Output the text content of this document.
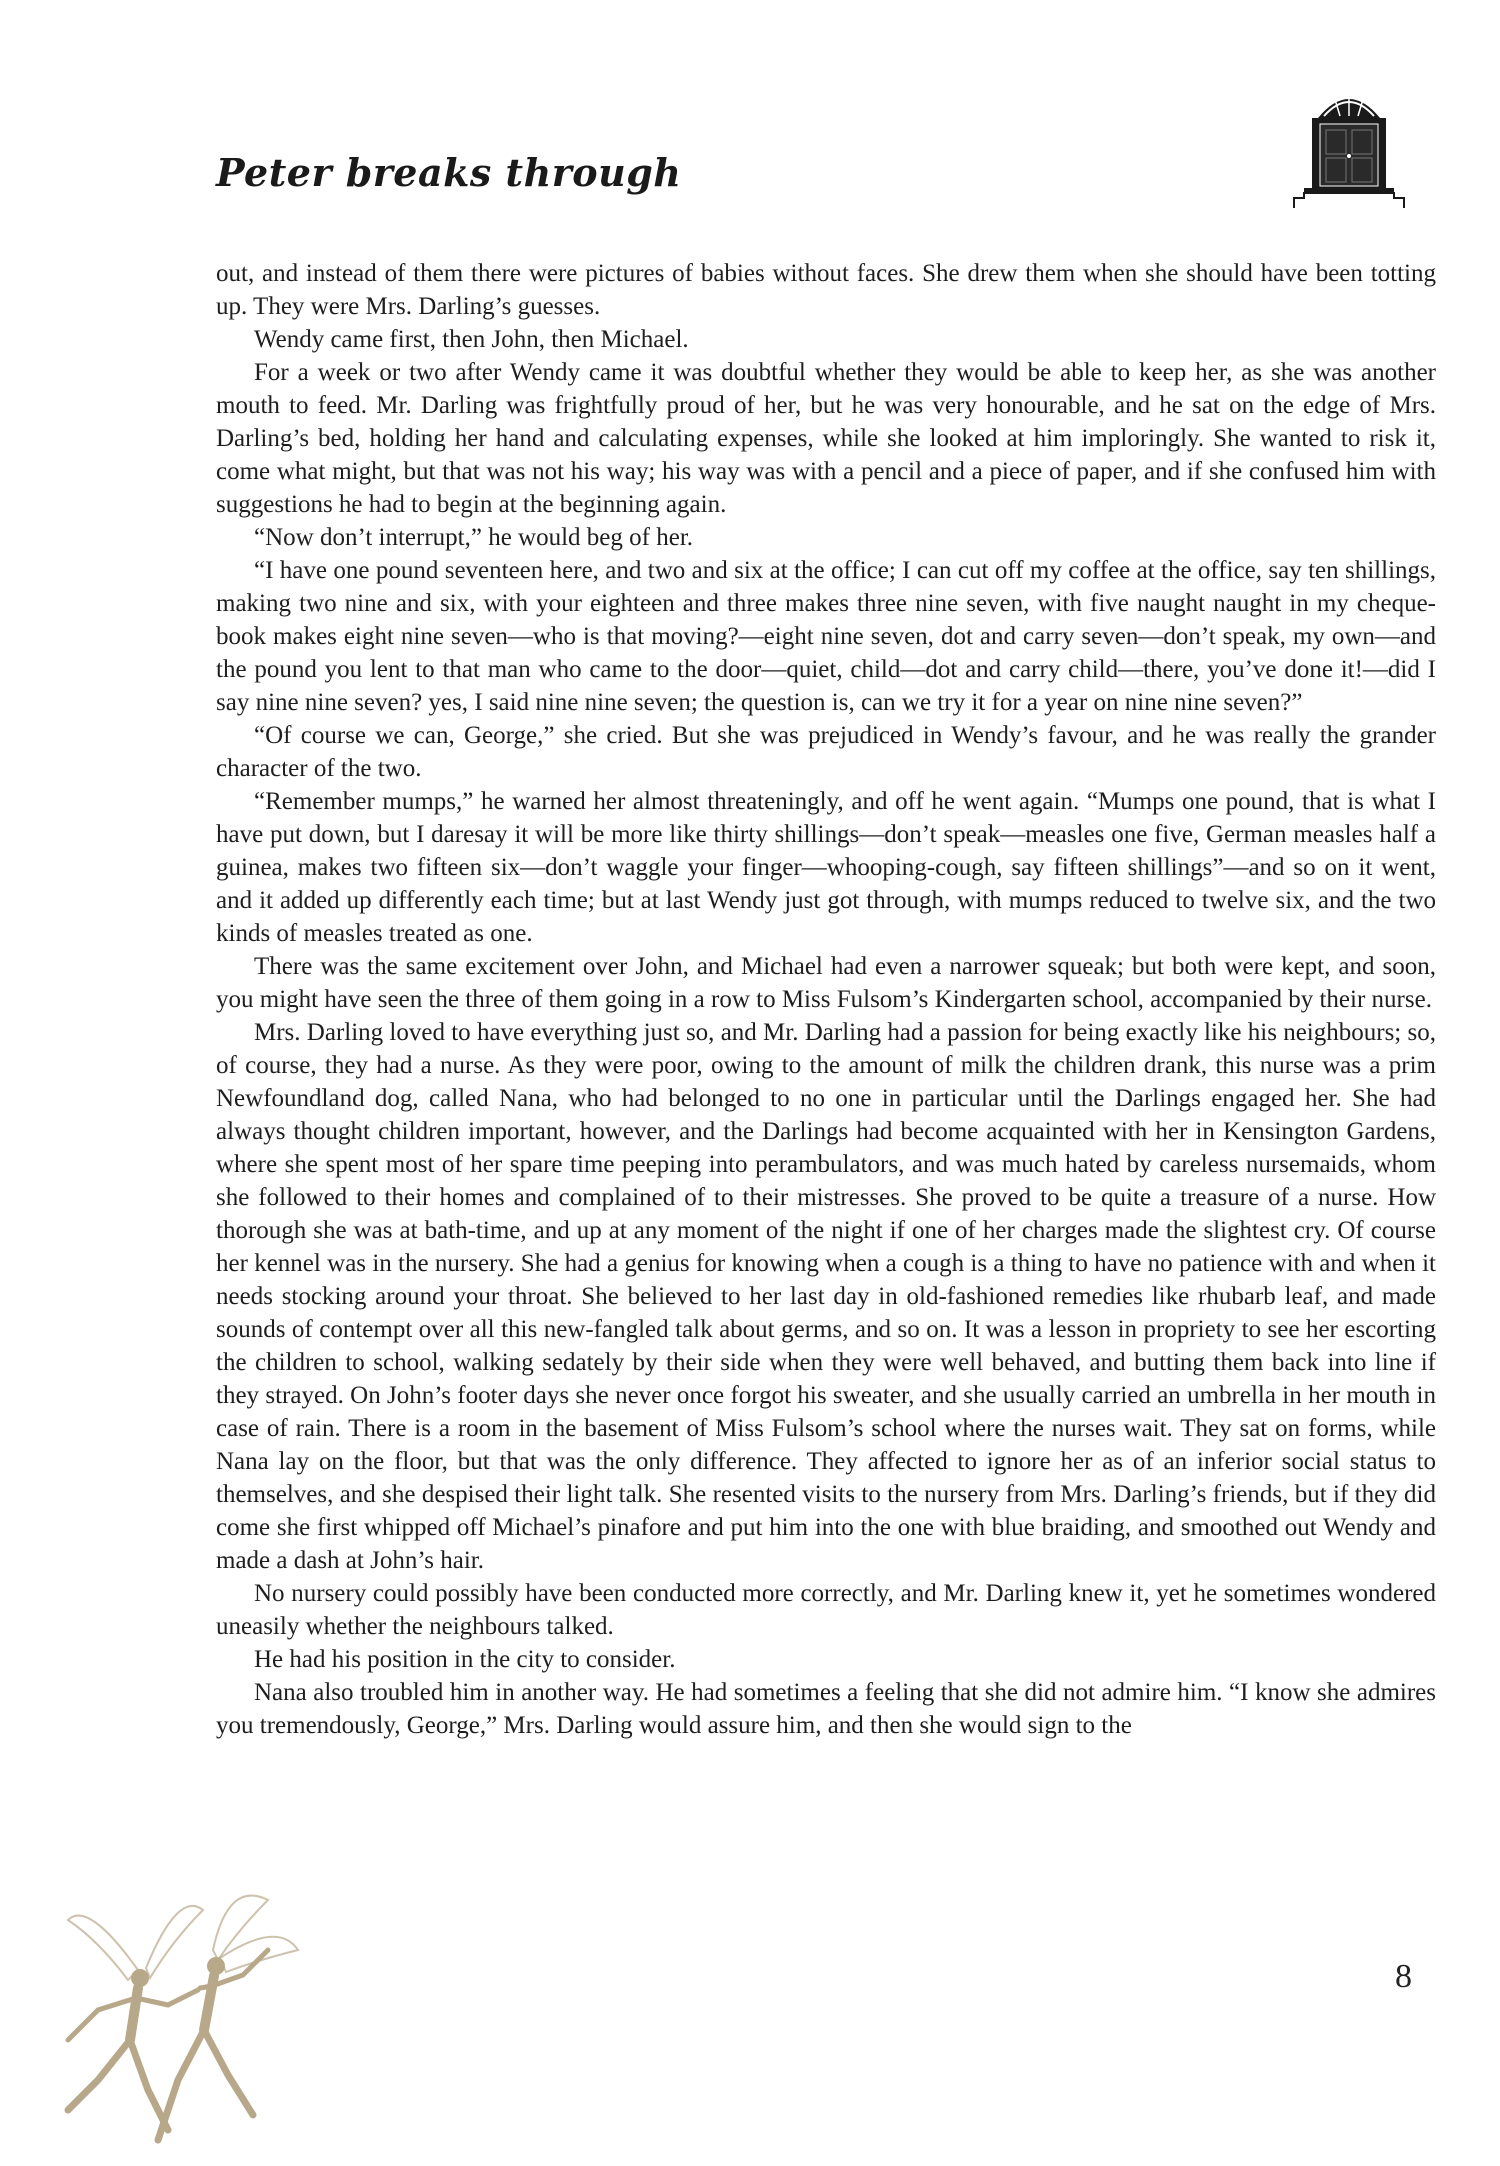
Peter breaks through

out, and instead of them there were pictures of babies without faces. She drew them when she should have been totting up. They were Mrs. Darling’s guesses.

Wendy came first, then John, then Michael.

For a week or two after Wendy came it was doubtful whether they would be able to keep her, as she was another mouth to feed. Mr. Darling was frightfully proud of her, but he was very honourable, and he sat on the edge of Mrs. Darling’s bed, holding her hand and calculating expenses, while she looked at him imploringly. She wanted to risk it, come what might, but that was not his way; his way was with a pencil and a piece of paper, and if she confused him with suggestions he had to begin at the beginning again.

“Now don’t interrupt,” he would beg of her.

“I have one pound seventeen here, and two and six at the office; I can cut off my coffee at the office, say ten shillings, making two nine and six, with your eighteen and three makes three nine seven, with five naught naught in my cheque-book makes eight nine seven—who is that moving?—eight nine seven, dot and carry seven—don’t speak, my own—and the pound you lent to that man who came to the door—quiet, child—dot and carry child—there, you’ve done it!—did I say nine nine seven? yes, I said nine nine seven; the question is, can we try it for a year on nine nine seven?”

“Of course we can, George,” she cried. But she was prejudiced in Wendy’s favour, and he was really the grander character of the two.

“Remember mumps,” he warned her almost threateningly, and off he went again. “Mumps one pound, that is what I have put down, but I daresay it will be more like thirty shillings—don’t speak—measles one five, German measles half a guinea, makes two fifteen six—don’t waggle your finger—whooping-cough, say fifteen shillings”—and so on it went, and it added up differently each time; but at last Wendy just got through, with mumps reduced to twelve six, and the two kinds of measles treated as one.

There was the same excitement over John, and Michael had even a narrower squeak; but both were kept, and soon, you might have seen the three of them going in a row to Miss Fulsom’s Kindergarten school, accompanied by their nurse.

Mrs. Darling loved to have everything just so, and Mr. Darling had a passion for being exactly like his neighbours; so, of course, they had a nurse. As they were poor, owing to the amount of milk the children drank, this nurse was a prim Newfoundland dog, called Nana, who had belonged to no one in particular until the Darlings engaged her. She had always thought children important, however, and the Darlings had become acquainted with her in Kensington Gardens, where she spent most of her spare time peeping into perambulators, and was much hated by careless nursemaids, whom she followed to their homes and complained of to their mistresses. She proved to be quite a treasure of a nurse. How thorough she was at bath-time, and up at any moment of the night if one of her charges made the slightest cry. Of course her kennel was in the nursery. She had a genius for knowing when a cough is a thing to have no patience with and when it needs stocking around your throat. She believed to her last day in old-fashioned remedies like rhubarb leaf, and made sounds of contempt over all this new-fangled talk about germs, and so on. It was a lesson in propriety to see her escorting the children to school, walking sedately by their side when they were well behaved, and butting them back into line if they strayed. On John’s footer days she never once forgot his sweater, and she usually carried an umbrella in her mouth in case of rain. There is a room in the basement of Miss Fulsom’s school where the nurses wait. They sat on forms, while Nana lay on the floor, but that was the only difference. They affected to ignore her as of an inferior social status to themselves, and she despised their light talk. She resented visits to the nursery from Mrs. Darling’s friends, but if they did come she first whipped off Michael’s pinafore and put him into the one with blue braiding, and smoothed out Wendy and made a dash at John’s hair.

No nursery could possibly have been conducted more correctly, and Mr. Darling knew it, yet he sometimes wondered uneasily whether the neighbours talked.

He had his position in the city to consider.

Nana also troubled him in another way. He had sometimes a feeling that she did not admire him. “I know she admires you tremendously, George,” Mrs. Darling would assure him, and then she would sign to the

8
